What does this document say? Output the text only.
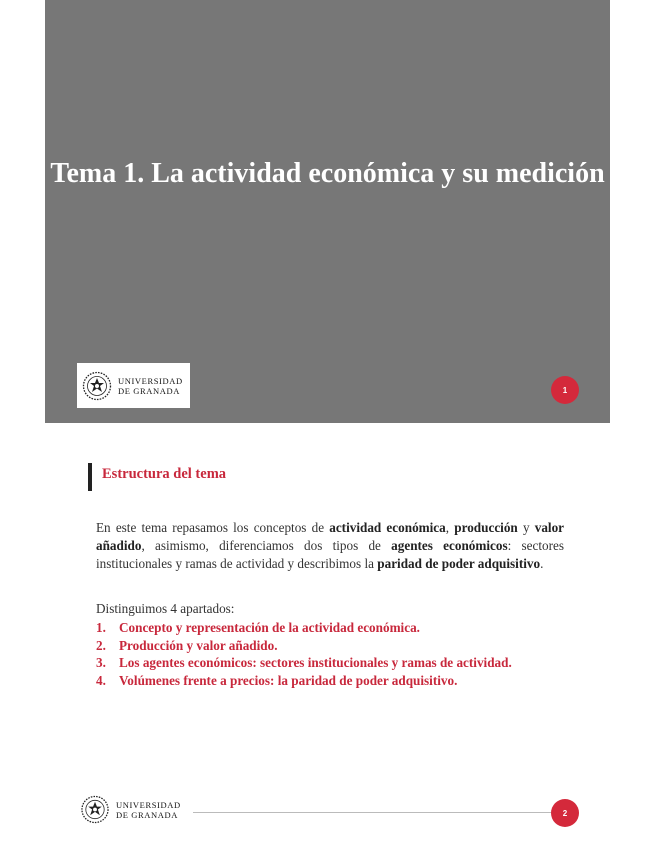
Tema 1. La actividad económica y su medición
UNIVERSIDAD
DE GRANADA	1
Estructura del tema
En este tema repasamos los conceptos de actividad económica, producción y valor añadido, asimismo, diferenciamos dos tipos de agentes económicos: sectores institucionales y ramas de actividad y describimos la paridad de poder adquisitivo.
Distinguimos 4 apartados:
1. Concepto y representación de la actividad económica.
2. Producción y valor añadido.
3. Los agentes económicos: sectores institucionales y ramas de actividad.
4. Volúmenes frente a precios: la paridad de poder adquisitivo.
UNIVERSIDAD
DE GRANADA	2
